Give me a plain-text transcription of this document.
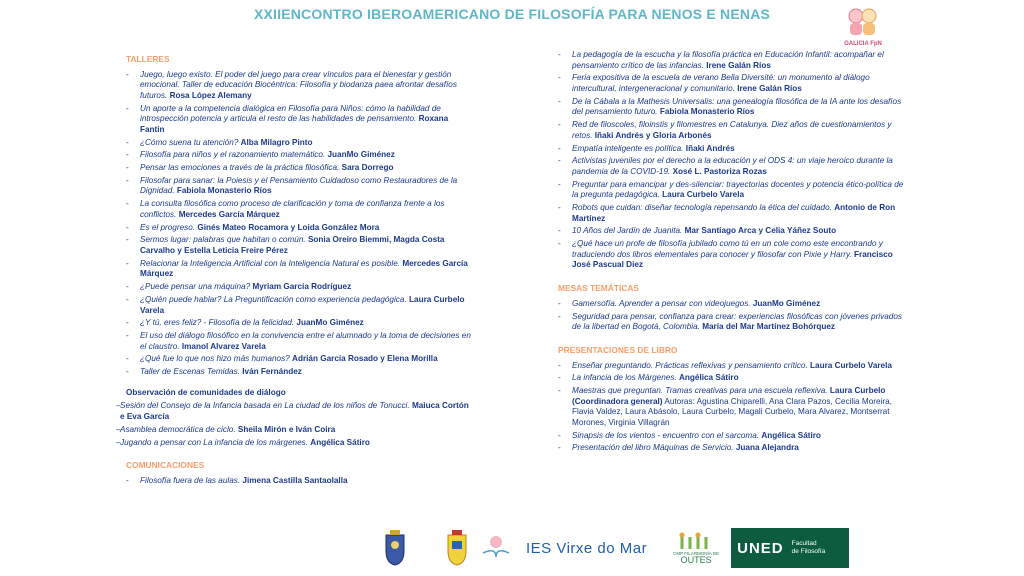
XXIIENCONTRO IBEROAMERICANO DE FILOSOFÍA PARA NENOS E NENAS
GALICIA FpN
TALLERES
- Juego, luego existo. El poder del juego para crear vínculos para el bienestar y gestión emocional. Taller de educación Biocéntrica: Filosofía y biodanza paea afrontar desafíos futuros. Rosa López Alemany
- Un aporte a la competencia dialógica en Filosofía para Niños: cómo la habilidad de introspección potencia y articula el resto de las habilidades de pensamiento. Roxana Fantin
- ¿Cómo suena tu atención? Alba Milagro Pinto
- Filosofía para niños y el razonamiento matemático. JuanMo Giménez
- Pensar las emociones a través de la práctica filosófica. Sara Dorrego
- Filosofar para sanar: la Poiesis y el Pensamiento Cuidadoso como Restauradores de la Dignidad. Fabiola Monasterio Ríos
- La consulta filosófica como proceso de clarificación y toma de confianza frente a los conflictos. Mercedes García Márquez
- Es el progreso. Ginés Mateo Rocamora y Loida González Mora
- Sermos lugar: palabras que habitan o común. Sonia Oreiro Biemmi, Magda Costa Carvalho y Estella Leticia Freire Pérez
- Relacionar la Inteligencia Artificial con la Inteligencia Natural es posible. Mercedes García Márquez
- ¿Puede pensar una máquina? Myriam García Rodríguez
- ¿Quién puede hablar? La Preguntificación como experiencia pedagógica. Laura Curbelo Varela
- ¿Y tú, eres feliz? - Filosofía de la felicidad. JuanMo Giménez
- El uso del diálogo filosófico en la convivencia entre el alumnado y la toma de decisiones en el claustro. Imanol Alvarez Varela
- ¿Qué fue lo que nos hizo más humanos? Adrián García Rosado y Elena Morilla
- Taller de Escenas Temidas. Iván Fernández
Observación de comunidades de diálogo
– Sesión del Consejo de la Infancia basada en La ciudad de los niños de Tonucci. Maiuca Cortón e Eva García
– Asamblea democrática de ciclo. Sheila Mirón e Iván Coira
– Jugando a pensar con La infancia de los márgenes. Angélica Sátiro
COMUNICACIONES
- Filosofía fuera de las aulas. Jimena Castilla Santaolalla
- La pedagogía de la escucha y la filosofía práctica en Educación Infantil: acompañar el pensamiento crítico de las infancias. Irene Galán Ríos
- Feria expositiva de la escuela de verano Bella Diversité: un monumento al diálogo intercultural, intergeneracional y comunitario. Irene Galán Ríos
- De la Cábala a la Mathesis Universalis: una genealogía filosófica de la IA ante los desafíos del pensamiento futuro. Fabiola Monasterio Ríos
- Red de filoscoles, filoinstis y filomestres en Catalunya. Diez años de cuestionamientos y retos. Iñaki Andrés y Gloria Arbonés
- Empatía inteligente es política. Iñaki Andrés
- Activistas juveniles por el derecho a la educación y el ODS 4: un viaje heroico durante la pandemia de la COVID-19. Xosé L. Pastoriza Rozas
- Preguntar para emancipar y des-silenciar: trayectorias docentes y potencia ético-política de la pregunta pedagógica. Laura Curbelo Varela
- Robots que cuidan: diseñar tecnología repensando la ética del cuidado. Antonio de Ron Martínez
- 10 Años del Jardín de Juanita. Mar Santiago Arca y Celia Yáñez Souto
- ¿Qué hace un profe de filosofía jubilado como tú en un cole como este encontrando y traduciendo dos libros elementales para conocer y filosofar con Pixie y Harry. Francisco José Pascual Diez
MESAS TEMÁTICAS
- Gamersofía. Aprender a pensar con videojuegos. JuanMo Giménez
- Seguridad para pensar, confianza para crear: experiencias filosóficas con jóvenes privados de la libertad en Bogotá, Colombia. María del Mar Martínez Bohórquez
PRESENTACIONES DE LIBRO
- Enseñar preguntando. Prácticas reflexivas y pensamiento crítico. Laura Curbelo Varela
- La infancia de los Márgenes. Angélica Sátiro
- Maestras que preguntan. Tramas creativas para una escuela reflexiva. Laura Curbelo (Coordinadora general) Autoras: Agustina Chiparelli, Ana Clara Pazos, Cecilia Moreira, Flavia Valdez, Laura Abásolo, Laura Curbelo, Magali Curbelo, Mara Alvarez, Montserrat Morones, Virginia Villagrán
- Sinapsis de los vientos - encuentro con el sarcoma. Angélica Sátiro
- Presentación del libro Máquinas de Servicio. Juana Alejandra
IES Virxe do Mar	CMP FILARMONÍA DE
OUTES
UNED Facultad
de Filosofía
